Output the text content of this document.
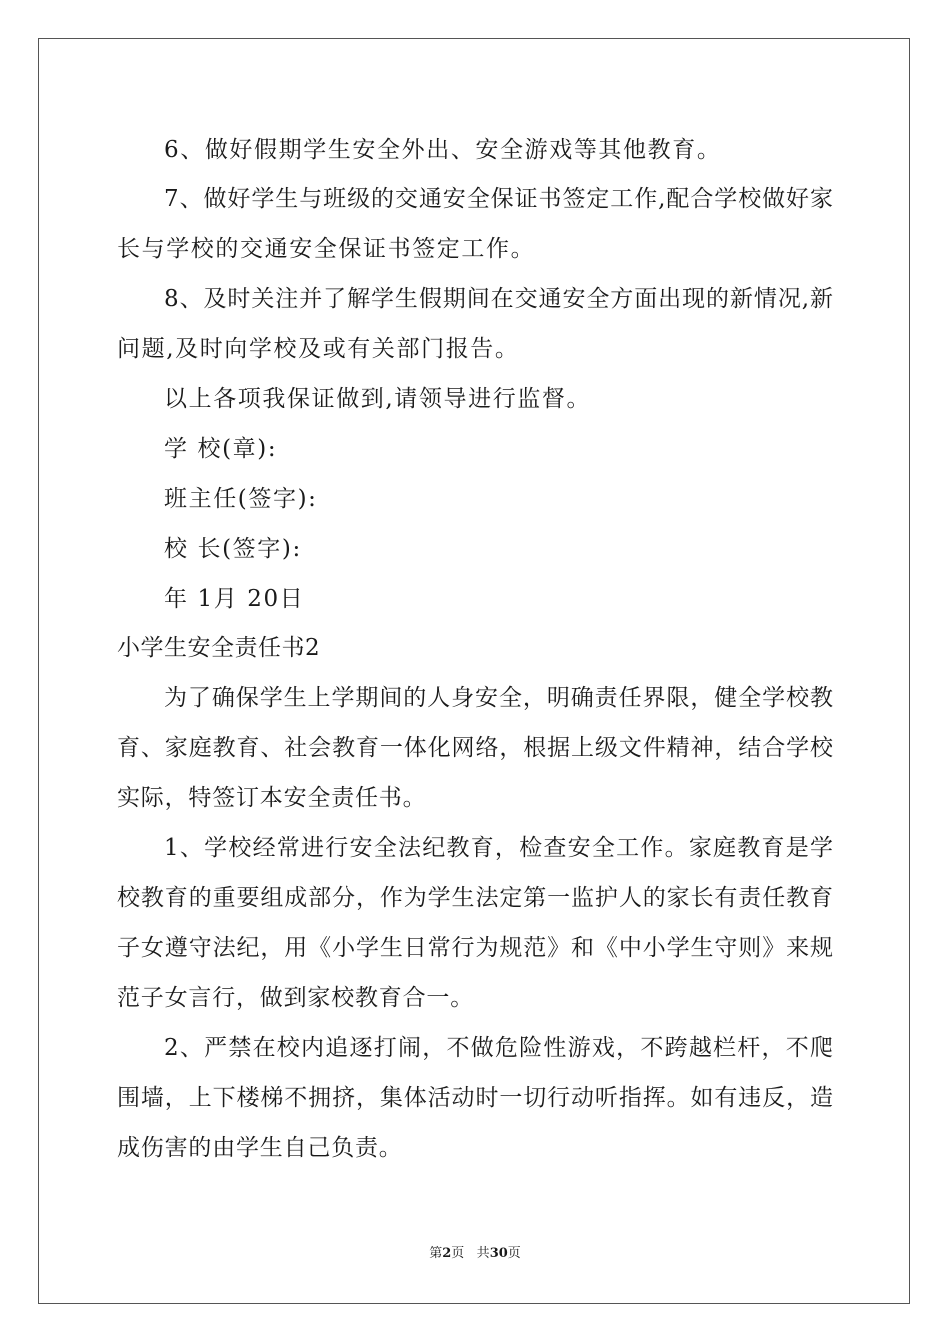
6、做好假期学生安全外出、安全游戏等其他教育。
7、做好学生与班级的交通安全保证书签定工作,配合学校做好家
长与学校的交通安全保证书签定工作。
8、及时关注并了解学生假期间在交通安全方面出现的新情况,新
问题,及时向学校及或有关部门报告。
以上各项我保证做到,请领导进行监督。
学 校(章):
班主任(签字):
校 长(签字):
年 1月 20日
小学生安全责任书2
为了确保学生上学期间的人身安全，明确责任界限，健全学校教
育、家庭教育、社会教育一体化网络，根据上级文件精神，结合学校
实际，特签订本安全责任书。
1、学校经常进行安全法纪教育，检查安全工作。家庭教育是学
校教育的重要组成部分，作为学生法定第一监护人的家长有责任教育
子女遵守法纪，用《小学生日常行为规范》和《中小学生守则》来规
范子女言行，做到家校教育合一。
2、严禁在校内追逐打闹，不做危险性游戏，不跨越栏杆，不爬
围墙，上下楼梯不拥挤，集体活动时一切行动听指挥。如有违反，造
成伤害的由学生自己负责。
第2页 共30页
